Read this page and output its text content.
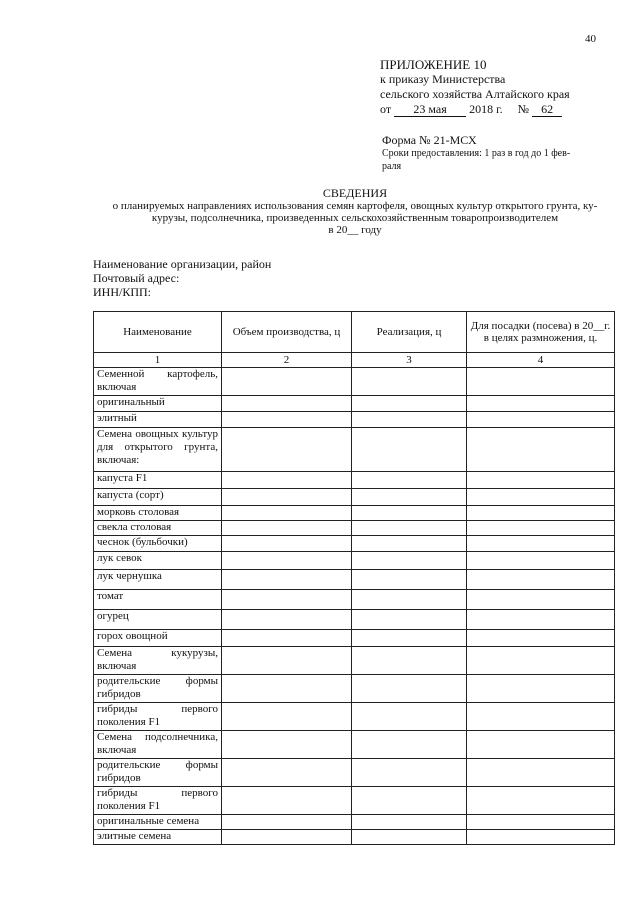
40
ПРИЛОЖЕНИЕ 10
к приказу Министерства
сельского хозяйства Алтайского края
от 23 мая 2018 г. № 62
Форма № 21-МСХ
Сроки предоставления: 1 раз в год до 1 фев-
раля
СВЕДЕНИЯ
о планируемых направлениях использования семян картофеля, овощных культур открытого грунта, ку-
курузы, подсолнечника, произведенных сельскохозяйственным товаропроизводителем
в 20__ году
Наименование организации, район
Почтовый адрес:
ИНН/КПП:
Наименование	Объем производства, ц	Реализация, ц	Для посадки (посева) в 20__г. в целях размножения, ц.
1	2	3	4
Семенной картофель, включая			
оригинальный			
элитный			
Семена овощных культур для открытого грунта, включая:			
капуста F1			
капуста (сорт)			
морковь столовая			
свекла столовая			
чеснок (бульбочки)			
лук севок			
лук чернушка			
томат			
огурец			
горох овощной			
Семена кукурузы, включая			
родительские формы гибридов			
гибриды первого поколения F1			
Семена подсолнечника, включая			
родительские формы гибридов			
гибриды первого поколения F1			
оригинальные семена			
элитные семена			
